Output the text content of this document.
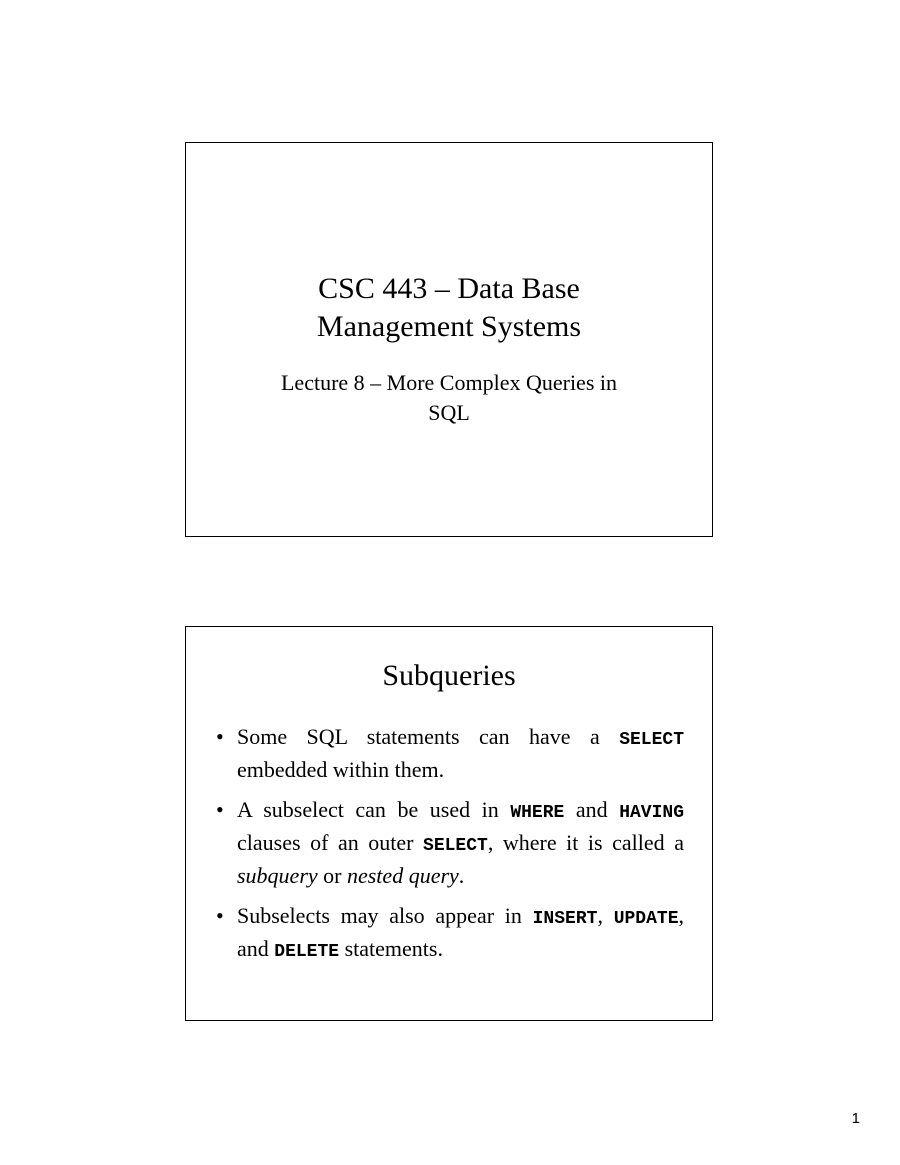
CSC 443 – Data Base
Management Systems
Lecture 8 – More Complex Queries in
SQL
Subqueries
• Some SQL statements can have a SELECT embedded within them.
• A subselect can be used in WHERE and HAVING clauses of an outer SELECT, where it is called a subquery or nested query.
• Subselects may also appear in INSERT, UPDATE, and DELETE statements.
1
